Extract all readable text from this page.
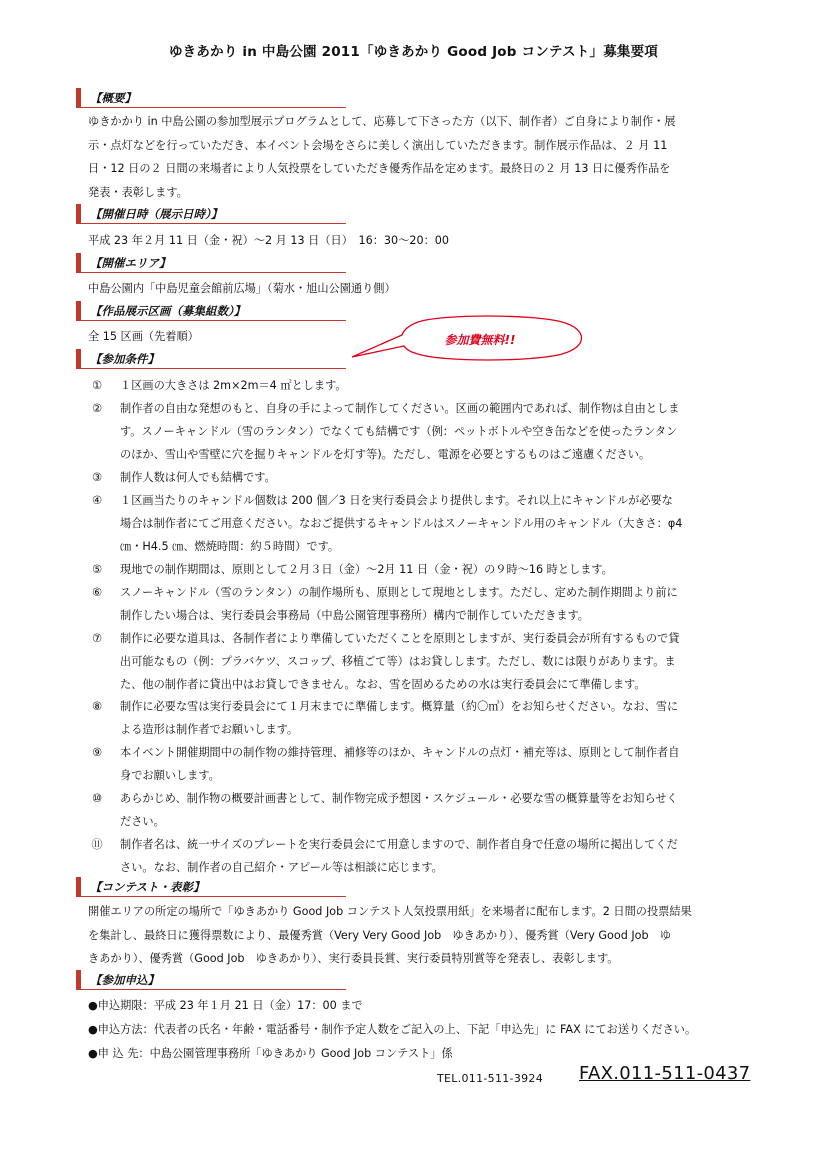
ゆきあかり in 中島公園 2011「ゆきあかり Good Job コンテスト」募集要項
【概要】
ゆきかかり in 中島公園の参加型展示プログラムとして、応募して下さった方（以下、制作者）ご自身により制作・展
示・点灯などを行っていただき、本イベント会場をさらに美しく演出していただきます。制作展示作品は、２ 月 11
日・12 日の２ 日間の来場者により人気投票をしていただき優秀作品を定めます。最終日の２ 月 13 日に優秀作品を
発表・表彰します。
【開催日時（展示日時）】
平成 23 年２月 11 日（金・祝）～2 月 13 日（日）　16：30～20：00
【開催エリア】
中島公園内「中島児童会館前広場」（菊水・旭山公園通り側）
【作品展示区画（募集組数）】
全 15 区画（先着順）	参加費無料!!
【参加条件】
①	１区画の大きさは 2m×2m＝4 ㎡とします。
②	制作者の自由な発想のもと、自身の手によって制作してください。区画の範囲内であれば、制作物は自由としま
す。スノーキャンドル（雪のランタン）でなくても結構です（例：ペットボトルや空き缶などを使ったランタン
のほか、雪山や雪壁に穴を掘りキャンドルを灯す等)。ただし、電源を必要とするものはご遠慮ください。
③	制作人数は何人でも結構です。
④	１区画当たりのキャンドル個数は 200 個／3 日を実行委員会より提供します。それ以上にキャンドルが必要な
場合は制作者にてご用意ください。なおご提供するキャンドルはスノーキャンドル用のキャンドル（大きさ：φ4
㎝・H4.5 ㎝、燃焼時間：約５時間）です。
⑤	現地での制作期間は、原則として２月３日（金）～2月 11 日（金・祝）の９時～16 時とします。
⑥	スノーキャンドル（雪のランタン）の制作場所も、原則として現地とします。ただし、定めた制作期間より前に
制作したい場合は、実行委員会事務局（中島公園管理事務所）構内で制作していただきます。
⑦	制作に必要な道具は、各制作者により準備していただくことを原則としますが、実行委員会が所有するもので貸
出可能なもの（例：プラバケツ、スコップ、移植ごて等）はお貸しします。ただし、数には限りがあります。ま
た、他の制作者に貸出中はお貸しできません。なお、雪を固めるための水は実行委員会にて準備します。
⑧	制作に必要な雪は実行委員会にて１月末までに準備します。概算量（約〇㎥）をお知らせください。なお、雪に
よる造形は制作者でお願いします。
⑨	本イベント開催期間中の制作物の維持管理、補修等のほか、キャンドルの点灯・補充等は、原則として制作者自
身でお願いします。
⑩	あらかじめ、制作物の概要計画書として、制作物完成予想図・スケジュール・必要な雪の概算量等をお知らせく
ださい。
⑪	制作者名は、統一サイズのプレートを実行委員会にて用意しますので、制作者自身で任意の場所に掲出してくだ
さい。なお、制作者の自己紹介・アピール等は相談に応じます。
【コンテスト・表彰】
開催エリアの所定の場所で「ゆきあかり Good Job コンテスト人気投票用紙」を来場者に配布します。2 日間の投票結果
を集計し、最終日に獲得票数により、最優秀賞（Very Very Good Job　ゆきあかり）、優秀賞（Very Good Job　ゆ
きあかり）、優秀賞（Good Job　ゆきあかり）、実行委員長賞、実行委員特別賞等を発表し、表彰します。
【参加申込】
●申込期限：平成 23 年１月 21 日（金）17：00 まで
●申込方法：代表者の氏名・年齢・電話番号・制作予定人数をご記入の上、下記「申込先」に FAX にてお送りください。
●申 込 先：中島公園管理事務所「ゆきあかり Good Job コンテスト」係
TEL.011-511-3924 FAX.011-511-0437
